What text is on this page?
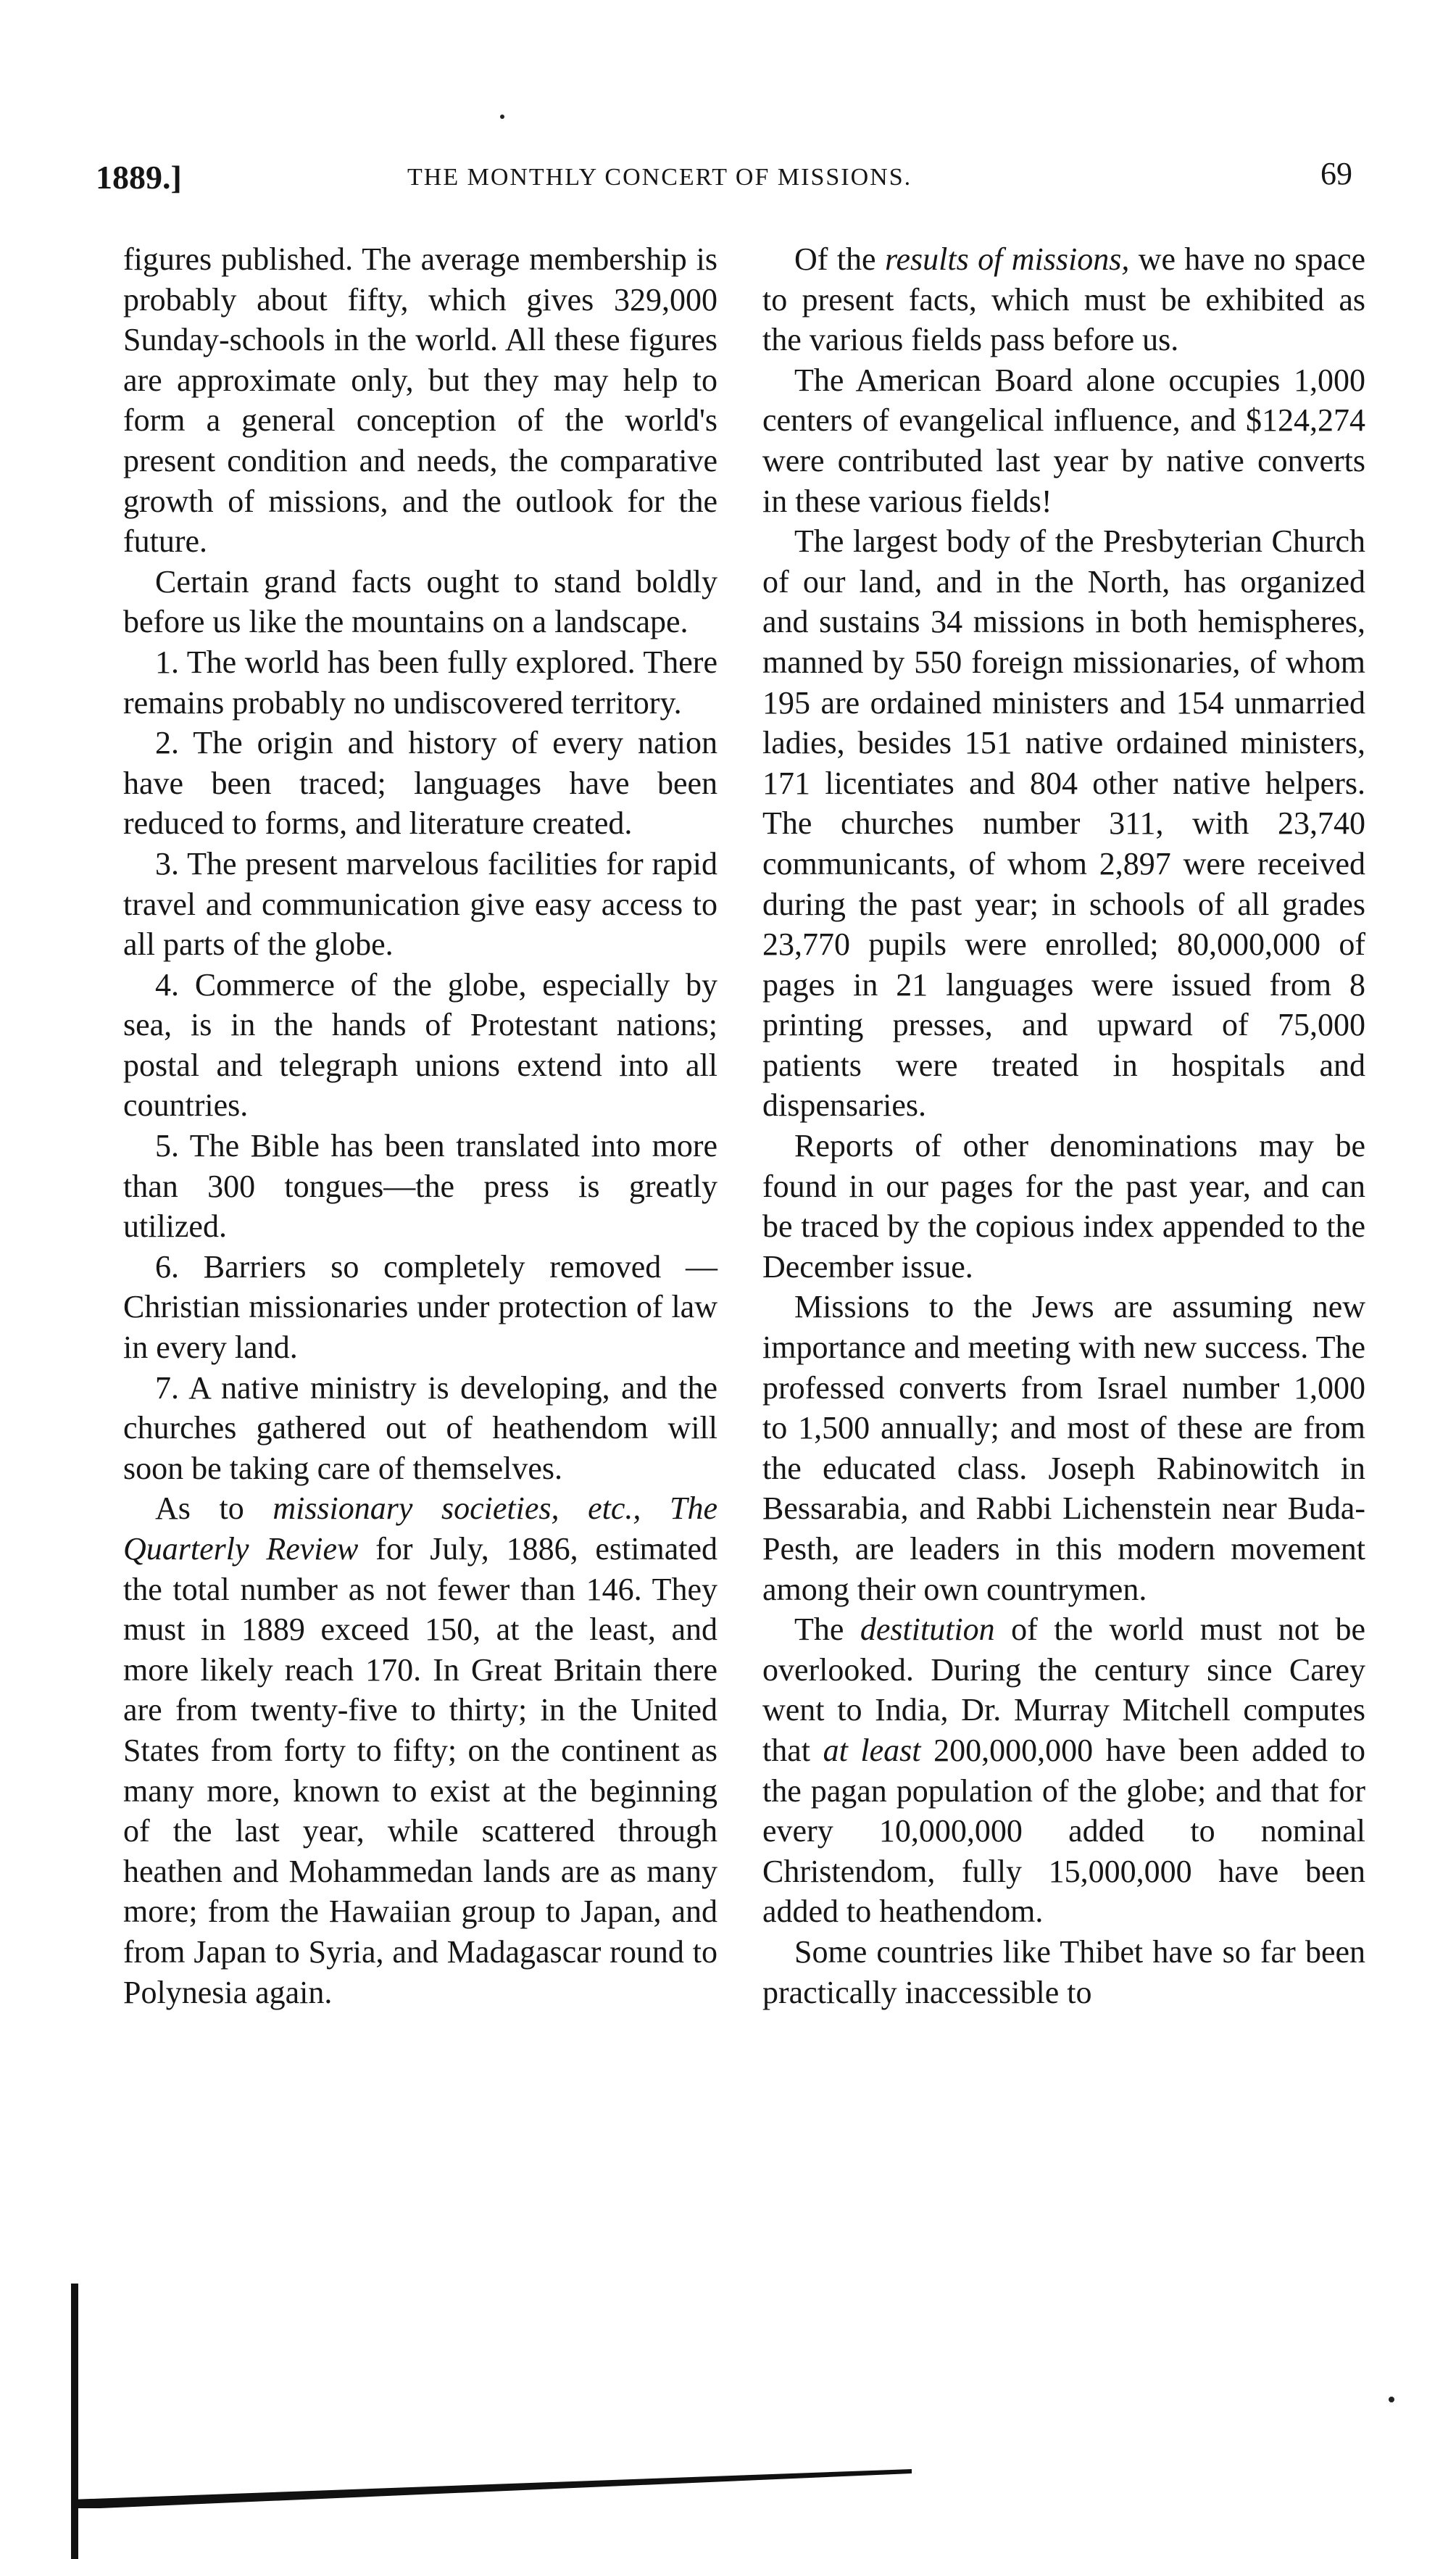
1889.]	THE MONTHLY CONCERT OF MISSIONS.	69

figures published. The average membership is probably about fifty, which gives 329,000 Sunday-schools in the world. All these figures are approximate only, but they may help to form a general conception of the world's present condition and needs, the comparative growth of missions, and the outlook for the future.

Certain grand facts ought to stand boldly before us like the mountains on a landscape.

1. The world has been fully explored. There remains probably no undiscovered territory.

2. The origin and history of every nation have been traced; languages have been reduced to forms, and literature created.

3. The present marvelous facilities for rapid travel and communication give easy access to all parts of the globe.

4. Commerce of the globe, especially by sea, is in the hands of Protestant nations; postal and telegraph unions extend into all countries.

5. The Bible has been translated into more than 300 tongues—the press is greatly utilized.

6. Barriers so completely removed —Christian missionaries under protection of law in every land.

7. A native ministry is developing, and the churches gathered out of heathendom will soon be taking care of themselves.

As to missionary societies, etc., The Quarterly Review for July, 1886, estimated the total number as not fewer than 146. They must in 1889 exceed 150, at the least, and more likely reach 170. In Great Britain there are from twenty-five to thirty; in the United States from forty to fifty; on the continent as many more, known to exist at the beginning of the last year, while scattered through heathen and Mohammedan lands are as many more; from the Hawaiian group to Japan, and from Japan to Syria, and Madagascar round to Polynesia again.

Of the results of missions, we have no space to present facts, which must be exhibited as the various fields pass before us.

The American Board alone occupies 1,000 centers of evangelical influence, and $124,274 were contributed last year by native converts in these various fields!

The largest body of the Presbyterian Church of our land, and in the North, has organized and sustains 34 missions in both hemispheres, manned by 550 foreign missionaries, of whom 195 are ordained ministers and 154 unmarried ladies, besides 151 native ordained ministers, 171 licentiates and 804 other native helpers. The churches number 311, with 23,740 communicants, of whom 2,897 were received during the past year; in schools of all grades 23,770 pupils were enrolled; 80,000,000 of pages in 21 languages were issued from 8 printing presses, and upward of 75,000 patients were treated in hospitals and dispensaries.

Reports of other denominations may be found in our pages for the past year, and can be traced by the copious index appended to the December issue.

Missions to the Jews are assuming new importance and meeting with new success. The professed converts from Israel number 1,000 to 1,500 annually; and most of these are from the educated class. Joseph Rabinowitch in Bessarabia, and Rabbi Lichenstein near Buda-Pesth, are leaders in this modern movement among their own countrymen.

The destitution of the world must not be overlooked. During the century since Carey went to India, Dr. Murray Mitchell computes that at least 200,000,000 have been added to the pagan population of the globe; and that for every 10,000,000 added to nominal Christendom, fully 15,000,000 have been added to heathendom.

Some countries like Thibet have so far been practically inaccessible to
